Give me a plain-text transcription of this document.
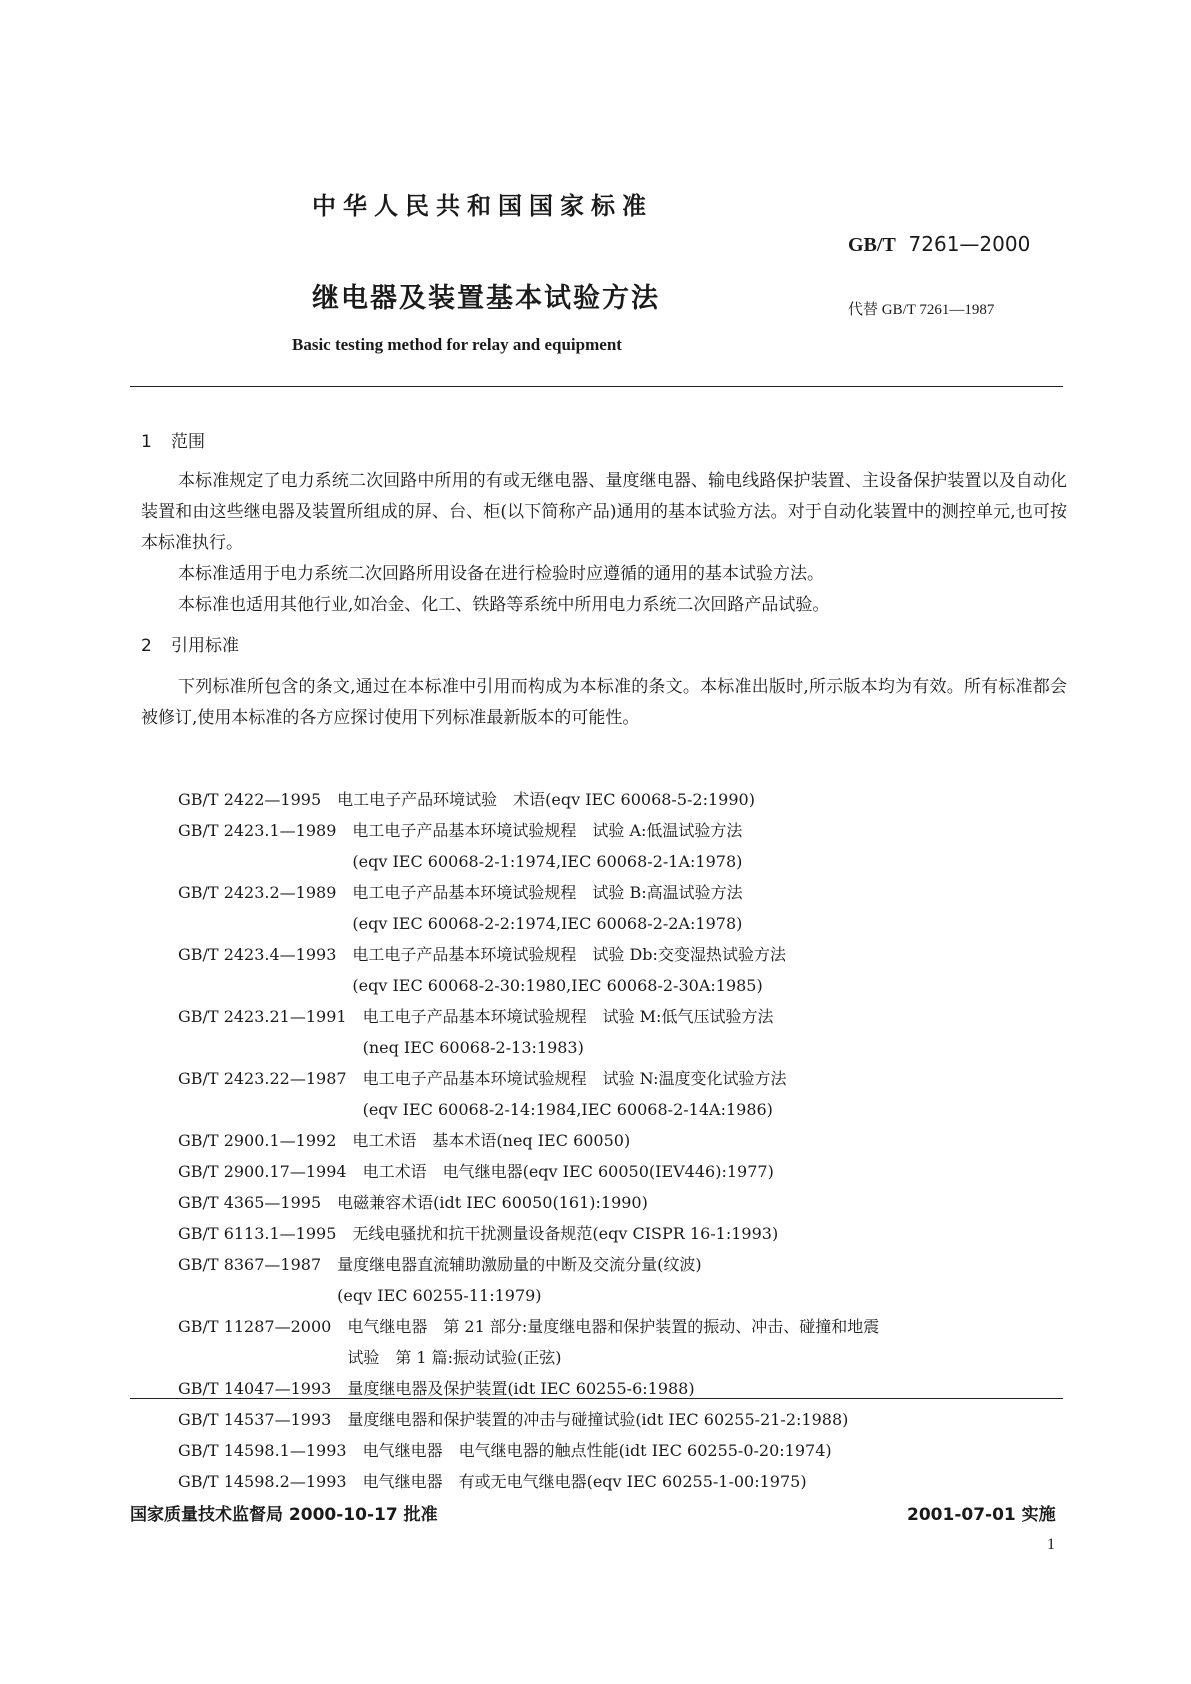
中华人民共和国国家标准
GB/T 7261—2000
继电器及装置基本试验方法	代替 GB/T 7261—1987
Basic testing method for relay and equipment
1 范围
本标准规定了电力系统二次回路中所用的有或无继电器、量度继电器、输电线路保护装置、主设备保护装置以及自动化装置和由这些继电器及装置所组成的屏、台、柜(以下简称产品)通用的基本试验方法。对于自动化装置中的测控单元,也可按本标准执行。
本标准适用于电力系统二次回路所用设备在进行检验时应遵循的通用的基本试验方法。
本标准也适用其他行业,如冶金、化工、铁路等系统中所用电力系统二次回路产品试验。
2 引用标准
下列标准所包含的条文,通过在本标准中引用而构成为本标准的条文。本标准出版时,所示版本均为有效。所有标准都会被修订,使用本标准的各方应探讨使用下列标准最新版本的可能性。
GB/T 2422—1995 电工电子产品环境试验　术语(eqv IEC 60068-5-2:1990)
GB/T 2423.1—1989 电工电子产品基本环境试验规程　试验 A:低温试验方法
(eqv IEC 60068-2-1:1974,IEC 60068-2-1A:1978)
GB/T 2423.2—1989 电工电子产品基本环境试验规程　试验 B:高温试验方法
(eqv IEC 60068-2-2:1974,IEC 60068-2-2A:1978)
GB/T 2423.4—1993 电工电子产品基本环境试验规程　试验 Db:交变湿热试验方法
(eqv IEC 60068-2-30:1980,IEC 60068-2-30A:1985)
GB/T 2423.21—1991 电工电子产品基本环境试验规程　试验 M:低气压试验方法
(neq IEC 60068-2-13:1983)
GB/T 2423.22—1987 电工电子产品基本环境试验规程　试验 N:温度变化试验方法
(eqv IEC 60068-2-14:1984,IEC 60068-2-14A:1986)
GB/T 2900.1—1992 电工术语　基本术语(neq IEC 60050)
GB/T 2900.17—1994 电工术语　电气继电器(eqv IEC 60050(IEV446):1977)
GB/T 4365—1995 电磁兼容术语(idt IEC 60050(161):1990)
GB/T 6113.1—1995 无线电骚扰和抗干扰测量设备规范(eqv CISPR 16-1:1993)
GB/T 8367—1987 量度继电器直流辅助激励量的中断及交流分量(纹波)
(eqv IEC 60255-11:1979)
GB/T 11287—2000 电气继电器　第 21 部分:量度继电器和保护装置的振动、冲击、碰撞和地震
试验　第 1 篇:振动试验(正弦)
GB/T 14047—1993 量度继电器及保护装置(idt IEC 60255-6:1988)
GB/T 14537—1993 量度继电器和保护装置的冲击与碰撞试验(idt IEC 60255-21-2:1988)
GB/T 14598.1—1993 电气继电器　电气继电器的触点性能(idt IEC 60255-0-20:1974)
GB/T 14598.2—1993 电气继电器　有或无电气继电器(eqv IEC 60255-1-00:1975)
国家质量技术监督局 2000-10-17 批准	2001-07-01 实施
1
